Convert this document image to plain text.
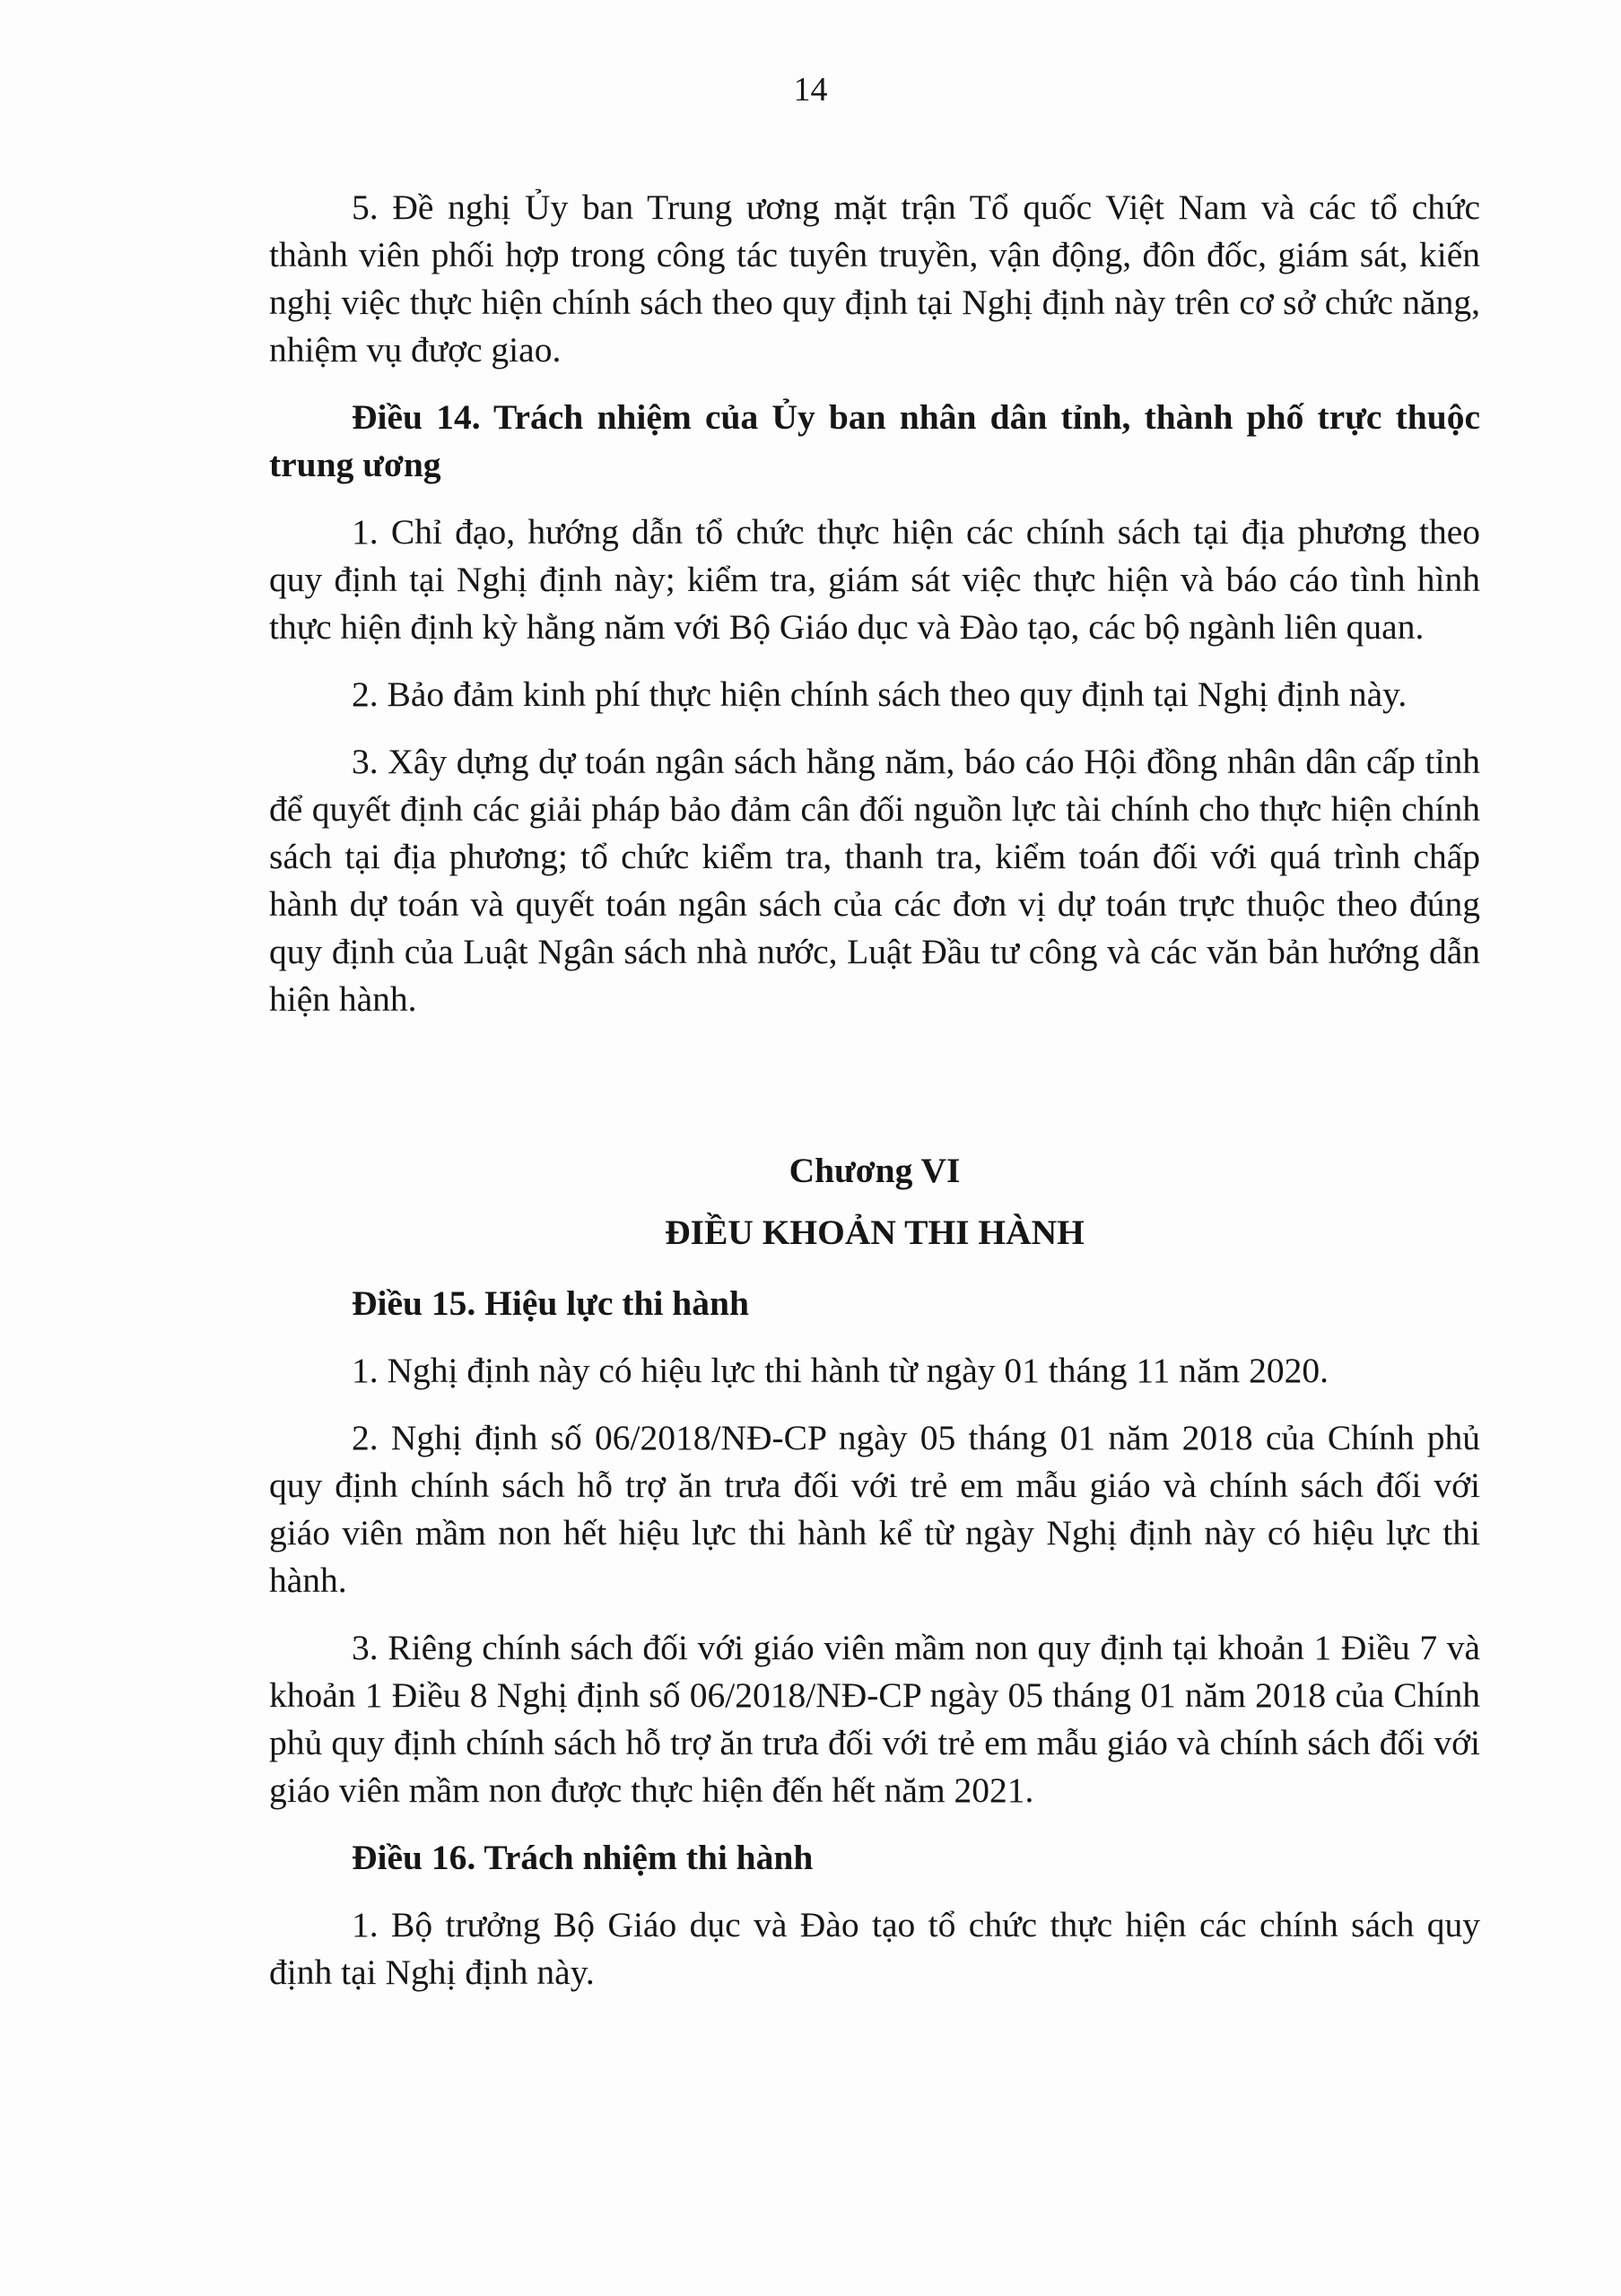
14

5. Đề nghị Ủy ban Trung ương mặt trận Tổ quốc Việt Nam và các tổ chức thành viên phối hợp trong công tác tuyên truyền, vận động, đôn đốc, giám sát, kiến nghị việc thực hiện chính sách theo quy định tại Nghị định này trên cơ sở chức năng, nhiệm vụ được giao.

Điều 14. Trách nhiệm của Ủy ban nhân dân tỉnh, thành phố trực thuộc trung ương

1. Chỉ đạo, hướng dẫn tổ chức thực hiện các chính sách tại địa phương theo quy định tại Nghị định này; kiểm tra, giám sát việc thực hiện và báo cáo tình hình thực hiện định kỳ hằng năm với Bộ Giáo dục và Đào tạo, các bộ ngành liên quan.

2. Bảo đảm kinh phí thực hiện chính sách theo quy định tại Nghị định này.

3. Xây dựng dự toán ngân sách hằng năm, báo cáo Hội đồng nhân dân cấp tỉnh để quyết định các giải pháp bảo đảm cân đối nguồn lực tài chính cho thực hiện chính sách tại địa phương; tổ chức kiểm tra, thanh tra, kiểm toán đối với quá trình chấp hành dự toán và quyết toán ngân sách của các đơn vị dự toán trực thuộc theo đúng quy định của Luật Ngân sách nhà nước, Luật Đầu tư công và các văn bản hướng dẫn hiện hành.

Chương VI

ĐIỀU KHOẢN THI HÀNH

Điều 15. Hiệu lực thi hành

1. Nghị định này có hiệu lực thi hành từ ngày 01 tháng 11 năm 2020.

2. Nghị định số 06/2018/NĐ-CP ngày 05 tháng 01 năm 2018 của Chính phủ quy định chính sách hỗ trợ ăn trưa đối với trẻ em mẫu giáo và chính sách đối với giáo viên mầm non hết hiệu lực thi hành kể từ ngày Nghị định này có hiệu lực thi hành.

3. Riêng chính sách đối với giáo viên mầm non quy định tại khoản 1 Điều 7 và khoản 1 Điều 8 Nghị định số 06/2018/NĐ-CP ngày 05 tháng 01 năm 2018 của Chính phủ quy định chính sách hỗ trợ ăn trưa đối với trẻ em mẫu giáo và chính sách đối với giáo viên mầm non được thực hiện đến hết năm 2021.

Điều 16. Trách nhiệm thi hành

1. Bộ trưởng Bộ Giáo dục và Đào tạo tổ chức thực hiện các chính sách quy định tại Nghị định này.
